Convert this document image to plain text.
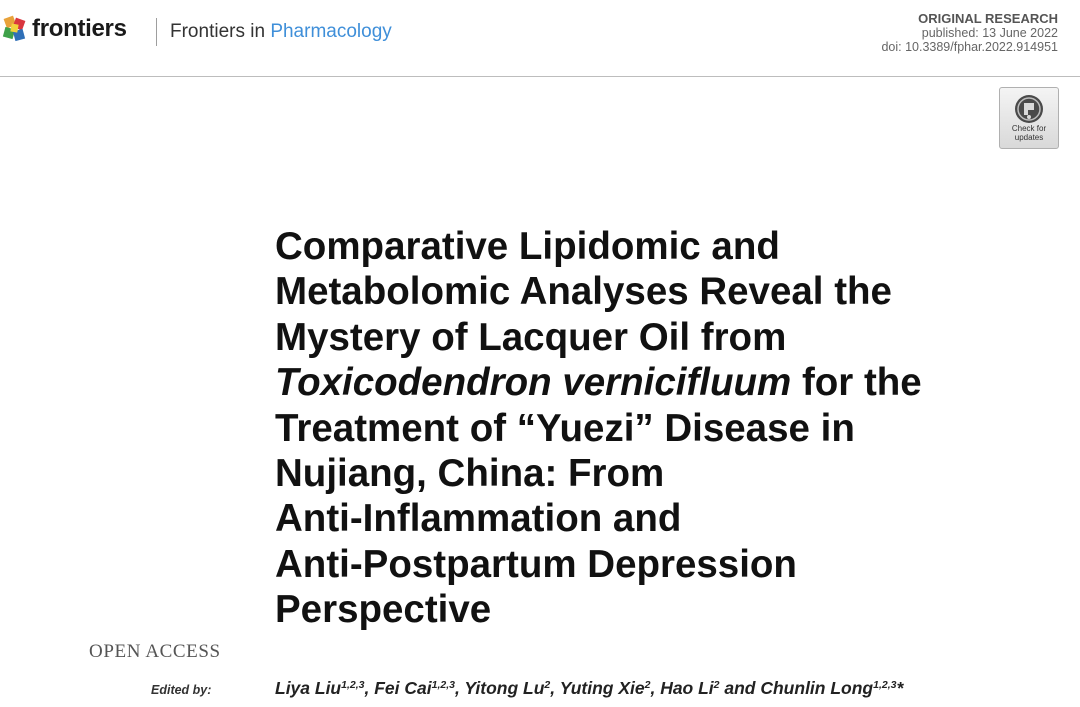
frontiers Frontiers in Pharmacology
ORIGINAL RESEARCH
published: 13 June 2022
doi: 10.3389/fphar.2022.914951
Check for
updates
Comparative Lipidomic and
Metabolomic Analyses Reveal the
Mystery of Lacquer Oil from
Toxicodendron vernicifluum for the
Treatment of “Yuezi” Disease in
Nujiang, China: From
Anti-Inflammation and
Anti-Postpartum Depression
Perspective
OPEN ACCESS
Edited by:	Liya Liu$^{1,2,3}$, Fei Cai$^{1,2,3}$, Yitong Lu$^2$, Yuting Xie$^2$, Hao Li$^2$ and Chunlin Long$^{1,2,3}$*
